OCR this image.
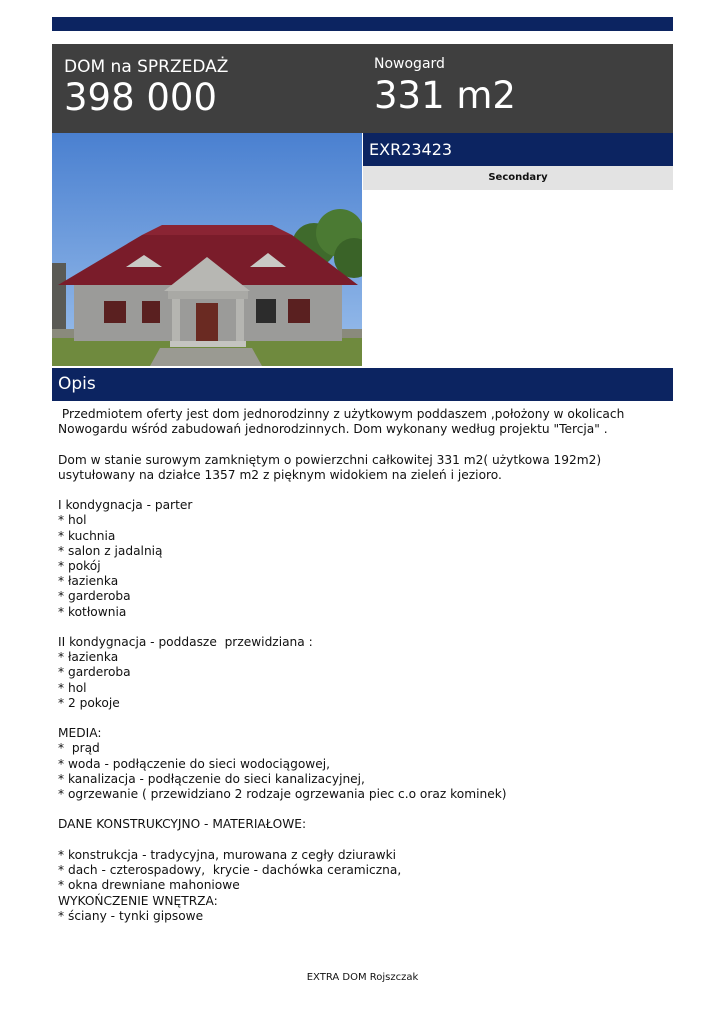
DOM na SPRZEDAŻ
398 000
Nowogard
331 m2
EXR23423
Secondary
Opis
Przedmiotem oferty jest dom jednorodzinny z użytkowym poddaszem ,położony w okolicach
Nowogardu wśród zabudowań jednorodzinnych. Dom wykonany według projektu "Tercja" .

Dom w stanie surowym zamkniętym o powierzchni całkowitej 331 m2( użytkowa 192m2)
usytułowany na działce 1357 m2 z pięknym widokiem na zieleń i jezioro.

I kondygnacja - parter
* hol
* kuchnia
* salon z jadalnią
* pokój
* łazienka
* garderoba
* kotłownia

II kondygnacja - poddasze  przewidziana :
* łazienka
* garderoba
* hol
* 2 pokoje

MEDIA:
*  prąd
* woda - podłączenie do sieci wodociągowej,
* kanalizacja - podłączenie do sieci kanalizacyjnej,
* ogrzewanie ( przewidziano 2 rodzaje ogrzewania piec c.o oraz kominek)

DANE KONSTRUKCYJNO - MATERIAŁOWE:

* konstrukcja - tradycyjna, murowana z cegły dziurawki
* dach - czterospadowy,  krycie - dachówka ceramiczna,
* okna drewniane mahoniowe
WYKOŃCZENIE WNĘTRZA:
* ściany - tynki gipsowe
EXTRA DOM Rojszczak
